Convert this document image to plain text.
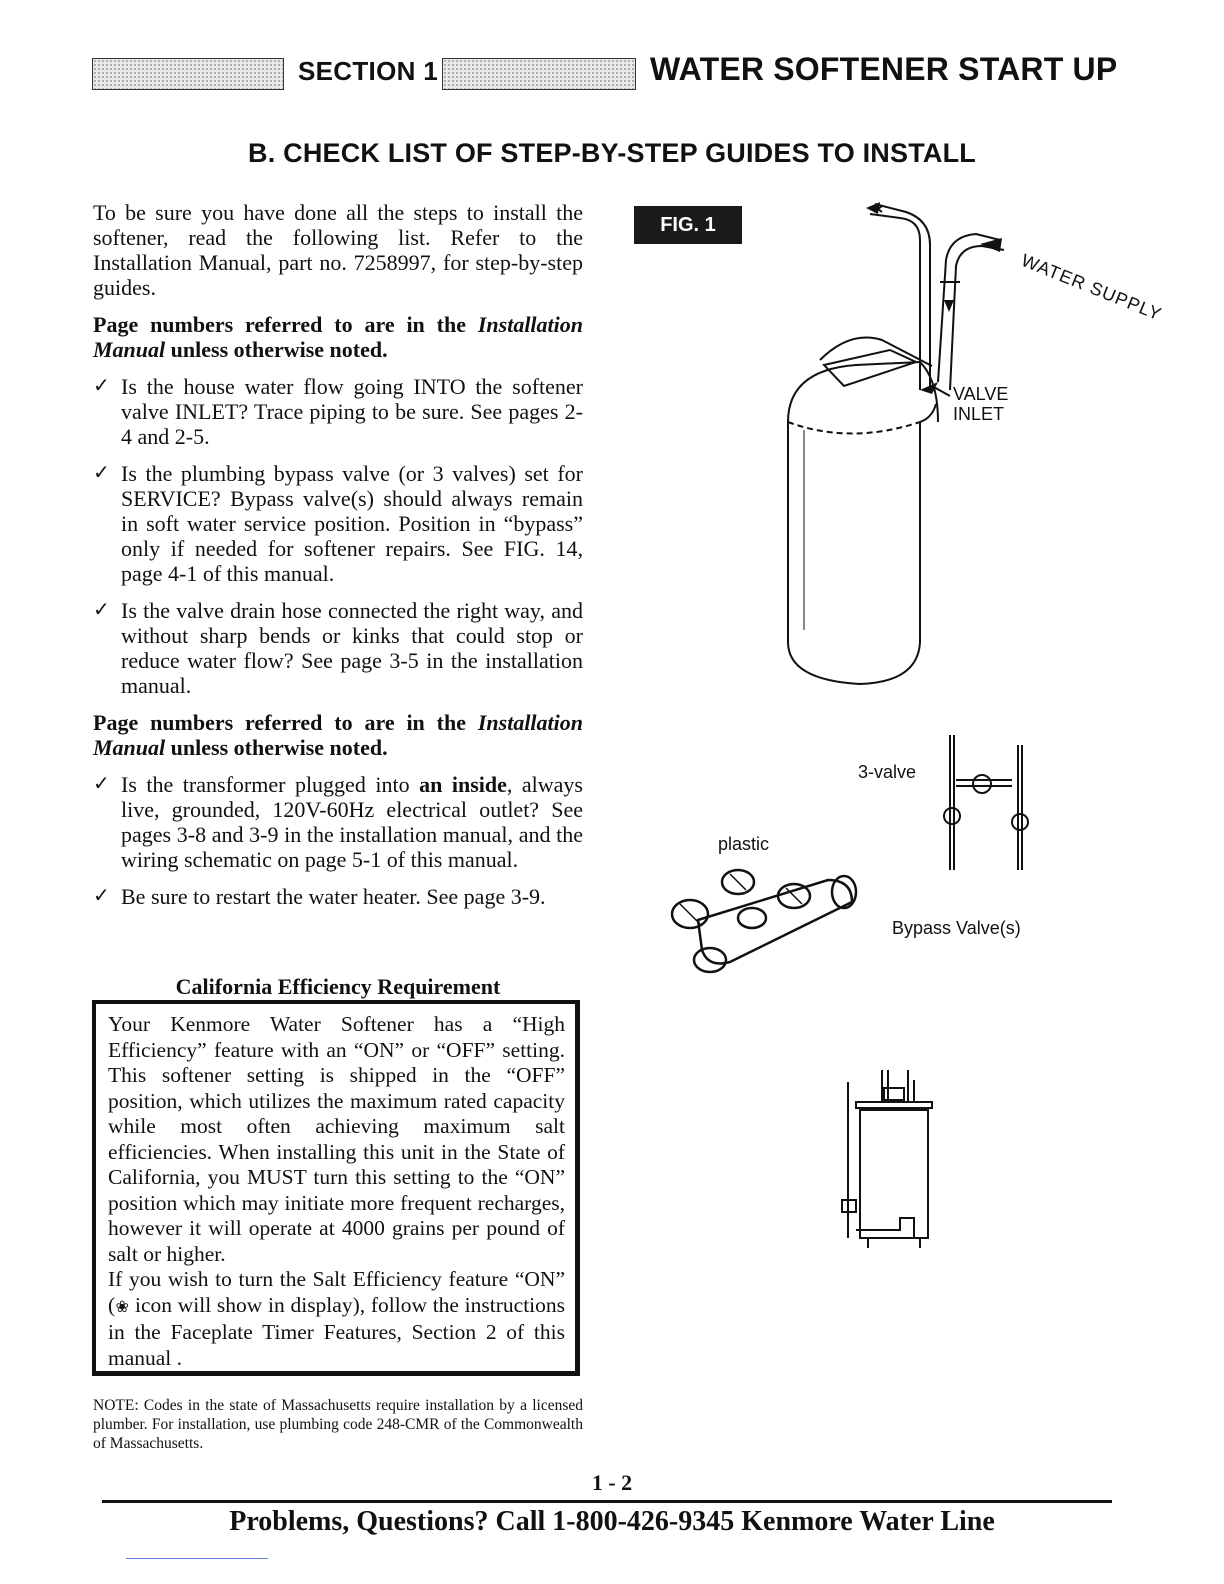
SECTION 1	WATER SOFTENER START UP
B. CHECK LIST OF STEP-BY-STEP GUIDES TO INSTALL

To be sure you have done all the steps to install the softener, read the following list. Refer to the Installation Manual, part no. 7258997, for step-by-step guides.

Page numbers referred to are in the Installation Manual unless otherwise noted.

✓ Is the house water flow going INTO the softener valve INLET? Trace piping to be sure. See pages 2-4 and 2-5.
✓ Is the plumbing bypass valve (or 3 valves) set for SERVICE? Bypass valve(s) should always remain in soft water service position. Position in “bypass” only if needed for softener repairs. See FIG. 14, page 4-1 of this manual.
✓ Is the valve drain hose connected the right way, and without sharp bends or kinks that could stop or reduce water flow? See page 3-5 in the installation manual.

Page numbers referred to are in the Installation Manual unless otherwise noted.

✓ Is the transformer plugged into an inside, always live, grounded, 120V-60Hz electrical outlet? See pages 3-8 and 3-9 in the installation manual, and the wiring schematic on page 5-1 of this manual.
✓ Be sure to restart the water heater. See page 3-9.
California Efficiency Requirement

Your Kenmore Water Softener has a “High Efficiency” feature with an “ON” or “OFF” setting. This softener setting is shipped in the “OFF” position, which utilizes the maximum rated capacity while most often achieving maximum salt efficiencies. When installing this unit in the State of California, you MUST turn this setting to the “ON” position which may initiate more frequent recharges, however it will operate at 4000 grains per pound of salt or higher.

If you wish to turn the Salt Efficiency feature “ON” (❀ icon will show in display), follow the instructions in the Faceplate Timer Features, Section 2 of this manual .

NOTE: Codes in the state of Massachusetts require installation by a licensed plumber. For installation, use plumbing code 248-CMR of the Commonwealth of Massachusetts.
FIG. 1
WATER SUPPLY
VALVE
INLET
3-valve
plastic
Bypass Valve(s)
1 - 2
Problems, Questions? Call 1-800-426-9345 Kenmore Water Line
